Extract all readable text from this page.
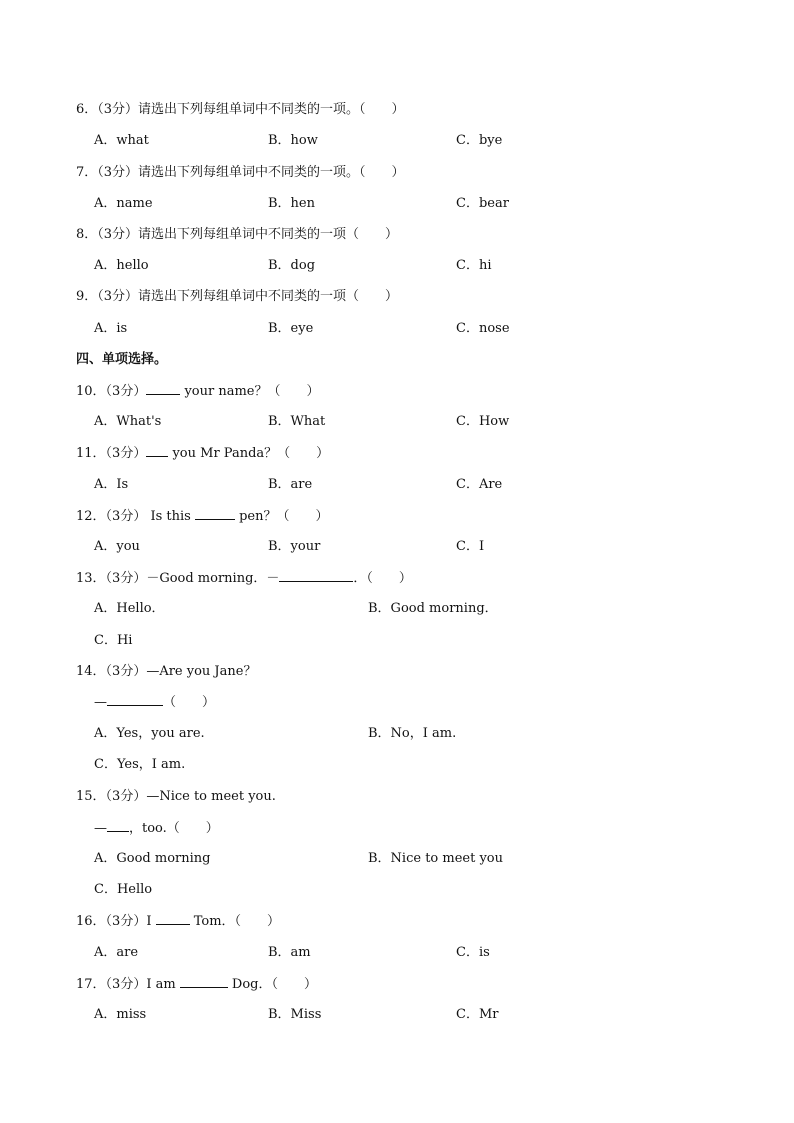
6．（3分）请选出下列每组单词中不同类的一项。（　　）
A．what	B．how	C．bye
7．（3分）请选出下列每组单词中不同类的一项。（　　）
A．name	B．hen	C．bear
8．（3分）请选出下列每组单词中不同类的一项（　　）
A．hello	B．dog	C．hi
9．（3分）请选出下列每组单词中不同类的一项（　　）
A．is	B．eye	C．nose
四、单项选择。
10．（3分）	your name？（　　）
A．What's	B．What	C．How
11．（3分） you Mr Panda？（　　）
A．Is	B．are	C．Are
12．（3分） Is this	pen？（　　）
A．you	B．your	C．I
13．（3分）－Good morning．－	．（　　）
A．Hello．	B．Good morning．
C．Hi
14．（3分）—Are you Jane？
—	（　　）
A．Yes，you are.	B．No，I am.
C．Yes，I am.
15．（3分）—Nice to meet you.
— ，too.（　　）
A．Good morning	B．Nice to meet you
C．Hello
16．（3分）I	Tom．（　　）
A．are	B．am	C．is
17．（3分）I am	Dog．（　　）
A．miss	B．Miss	C．Mr
